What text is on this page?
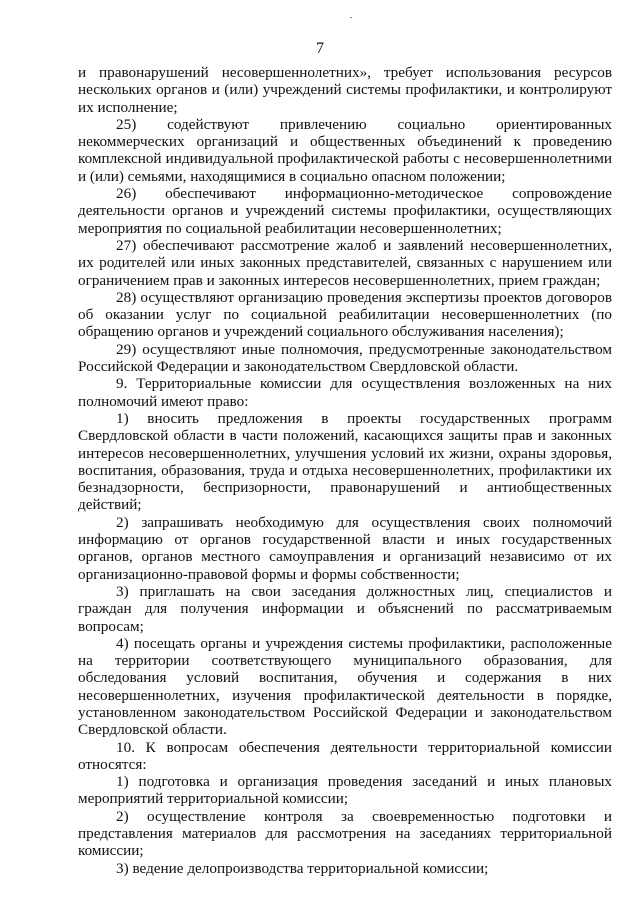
7

и правонарушений несовершеннолетних», требует использования ресурсов нескольких органов и (или) учреждений системы профилактики, и контролируют их исполнение;

25) содействуют привлечению социально ориентированных некоммерческих организаций и общественных объединений к проведению комплексной индивидуальной профилактической работы с несовершеннолетними и (или) семьями, находящимися в социально опасном положении;

26) обеспечивают информационно-методическое сопровождение деятельности органов и учреждений системы профилактики, осуществляющих мероприятия по социальной реабилитации несовершеннолетних;

27) обеспечивают рассмотрение жалоб и заявлений несовершеннолетних, их родителей или иных законных представителей, связанных с нарушением или ограничением прав и законных интересов несовершеннолетних, прием граждан;

28) осуществляют организацию проведения экспертизы проектов договоров об оказании услуг по социальной реабилитации несовершеннолетних (по обращению органов и учреждений социального обслуживания населения);

29) осуществляют иные полномочия, предусмотренные законодательством Российской Федерации и законодательством Свердловской области.

9. Территориальные комиссии для осуществления возложенных на них полномочий имеют право:

1) вносить предложения в проекты государственных программ Свердловской области в части положений, касающихся защиты прав и законных интересов несовершеннолетних, улучшения условий их жизни, охраны здоровья, воспитания, образования, труда и отдыха несовершеннолетних, профилактики их безнадзорности, беспризорности, правонарушений и антиобщественных действий;

2) запрашивать необходимую для осуществления своих полномочий информацию от органов государственной власти и иных государственных органов, органов местного самоуправления и организаций независимо от их организационно-правовой формы и формы собственности;

3) приглашать на свои заседания должностных лиц, специалистов и граждан для получения информации и объяснений по рассматриваемым вопросам;

4) посещать органы и учреждения системы профилактики, расположенные на территории соответствующего муниципального образования, для обследования условий воспитания, обучения и содержания в них несовершеннолетних, изучения профилактической деятельности в порядке, установленном законодательством Российской Федерации и законодательством Свердловской области.

10. К вопросам обеспечения деятельности территориальной комиссии относятся:

1) подготовка и организация проведения заседаний и иных плановых мероприятий территориальной комиссии;

2) осуществление контроля за своевременностью подготовки и представления материалов для рассмотрения на заседаниях территориальной комиссии;

3) ведение делопроизводства территориальной комиссии;
